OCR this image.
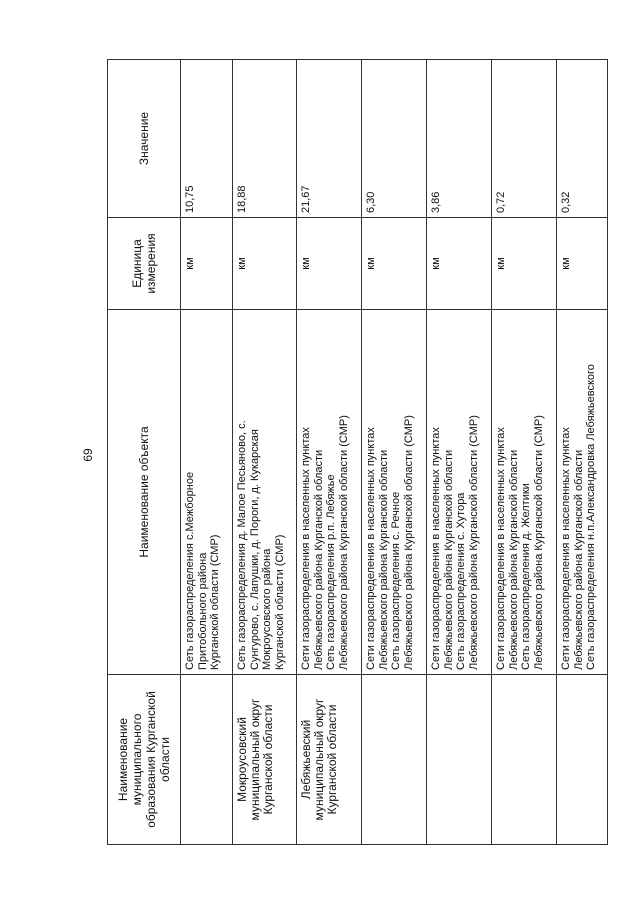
69
Наименование муниципального образования Курганской области	Наименование объекта	Единица измерения	Значение

	Сеть газораспределения с.Межборное Притобольного района Курганской области (СМР)	км	10,75
Мокроусовский муниципальный округ Курганской области	Сеть газораспределения д. Малое Песьяново, с. Сунгурово, с. Лапушки, д. Пороги, д. Кукарская Мокроусовского района Курганской области (СМР)	км	18,88
Лебяжьевский муниципальный округ Курганской области	Сети газораспределения в населенных пунктах Лебяжьевского района Курганской области Сеть газораспределения р.п. Лебяжье Лебяжьевского района Курганской области (СМР)	км	21,67

	Сети газораспределения в населенных пунктах Лебяжьевского района Курганской области Сеть газораспределения с. Речное Лебяжьевского района Курганской области (СМР)	км	6,30

	Сети газораспределения в населенных пунктах Лебяжьевского района Курганской области Сеть газораспределения с. Хутора Лебяжьевского района Курганской области (СМР)	км	3,86

	Сети газораспределения в населенных пунктах Лебяжьевского района Курганской области Сеть газораспределения д. Желтики Лебяжьевского района Курганской области (СМР)	км	0,72

	Сети газораспределения в населенных пунктах Лебяжьевского района Курганской области Сеть газораспределения н.п.Александровка Лебяжьевского	км	0,32
